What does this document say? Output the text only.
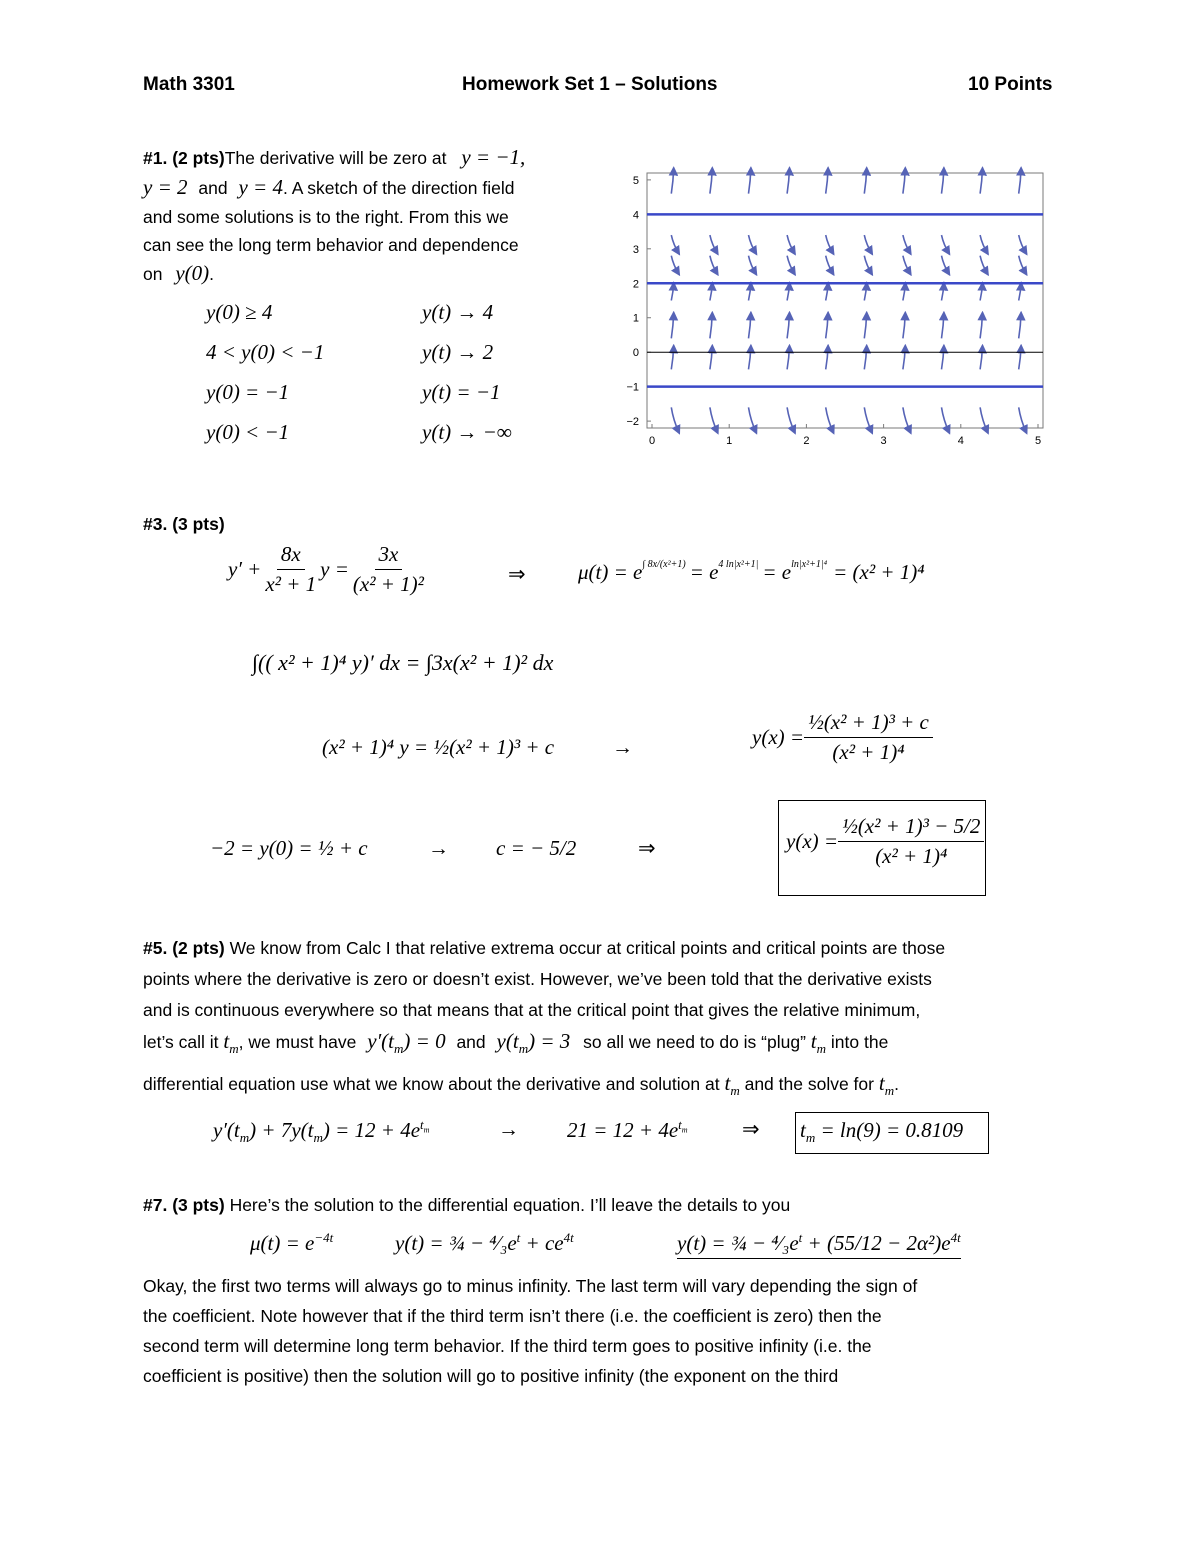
Math 3301	Homework Set 1 – Solutions	10 Points
#1. (2 pts)The derivative will be zero at y = −1,
y = 2 and y = 4. A sketch of the direction field
and some solutions is to the right. From this we
can see the long term behavior and dependence
on y(0).
y(0) ≥ 4	y(t) → 4
4 < y(0) < −1	y(t) → 2
y(0) = −1	y(t) = −1
y(0) < −1	y(t) → −∞	0	1	2	3	4	5
5
4
3
2
1
0
−1
−2
#3. (3 pts)
$y' + \frac{8x}{\text{x² + 1}}$ $y = \frac{3x}{\text{(x² + 1)²}}$	⇒ $\mu(t) = e^{\int 8x/(x^2+1)} = e^{4 ln|x^2+1|} = e^{ln|x^2+1|^4} = (x^2 + 1)^4$
∫(( x² + 1)⁴ y)′ dx = ∫3x(x² + 1)² dx
(x² + 1)⁴ y = ½(x² + 1)³ + c	→	$y(x) = \frac{\text{½(x² + 1)³ + c}}{\text{(x² + 1)⁴}}$
−2 = y(0) = ½ + c	→ c = − 5/2	⇒	$y(x) = \frac{\text{½(x² + 1)³ − 5/2}}{\text{(x² + 1)⁴}}$
#5. (2 pts) We know from Calc I that relative extrema occur at critical points and critical points are those
points where the derivative is zero or doesn’t exist. However, we’ve been told that the derivative exists
and is continuous everywhere so that means that at the critical point that gives the relative minimum,
let’s call it $t_m$, we must have $y'(t_m) = 0$ and $y(t_m) = 3$ so all we need to do is “plug” $t_m$ into the
differential equation use what we know about the derivative and solution at $t_m$ and the solve for $t_m$.
$y'(t_m) + 7y(t_m) = 12 + 4e^{t_m}$	→ $21 = 12 + 4e^{t_m}$	⇒ $t_m = \ln(9) = 0.8109$
#7. (3 pts) Here’s the solution to the differential equation. I’ll leave the details to you
$\mu(t) = e^{-4t}$	y(t) = ¾ − $^4⁄_3e^t + ce^{4t}$	y(t) = ¾ − $^4⁄_3e^t + (55/12 - 2\alpha^2)e^{4t}$
Okay, the first two terms will always go to minus infinity. The last term will vary depending the sign of
the coefficient. Note however that if the third term isn’t there (i.e. the coefficient is zero) then the
second term will determine long term behavior. If the third term goes to positive infinity (i.e. the
coefficient is positive) then the solution will go to positive infinity (the exponent on the third
